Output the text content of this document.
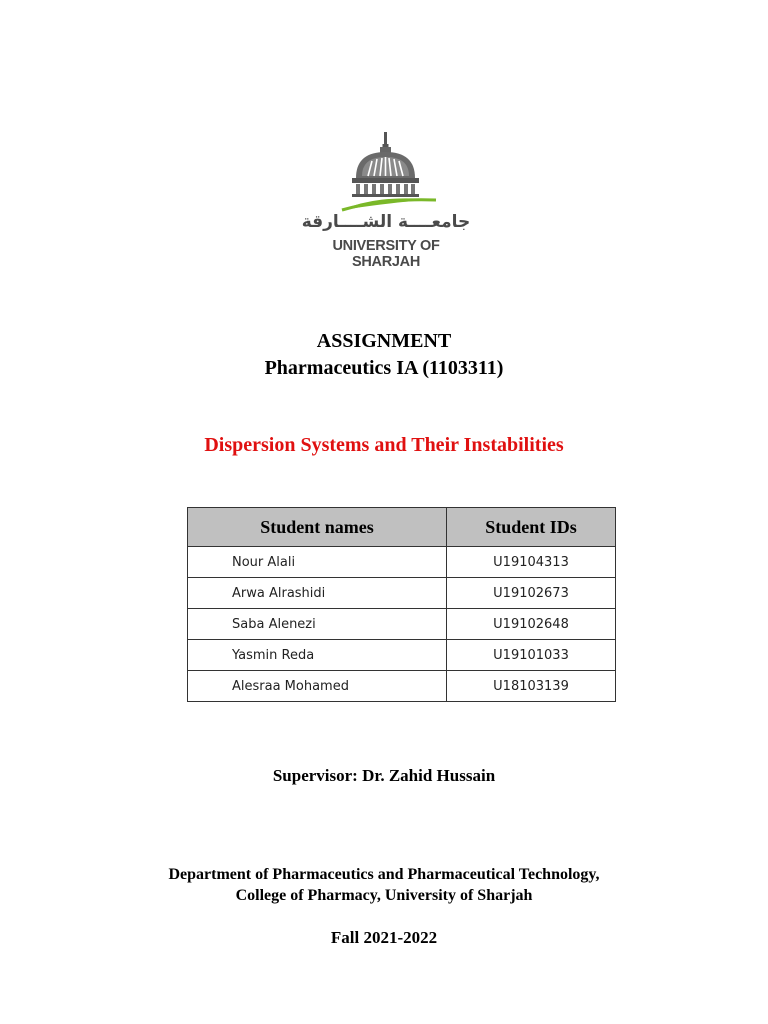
جامعــــة الشــــارقة
UNIVERSITY OF SHARJAH
ASSIGNMENT
Pharmaceutics IA (1103311)
Dispersion Systems and Their Instabilities
Student names	Student IDs
Nour Alali	U19104313
Arwa Alrashidi	U19102673
Saba Alenezi	U19102648
Yasmin Reda	U19101033
Alesraa Mohamed	U18103139
Supervisor: Dr. Zahid Hussain
Department of Pharmaceutics and Pharmaceutical Technology,
College of Pharmacy, University of Sharjah
Fall 2021-2022
